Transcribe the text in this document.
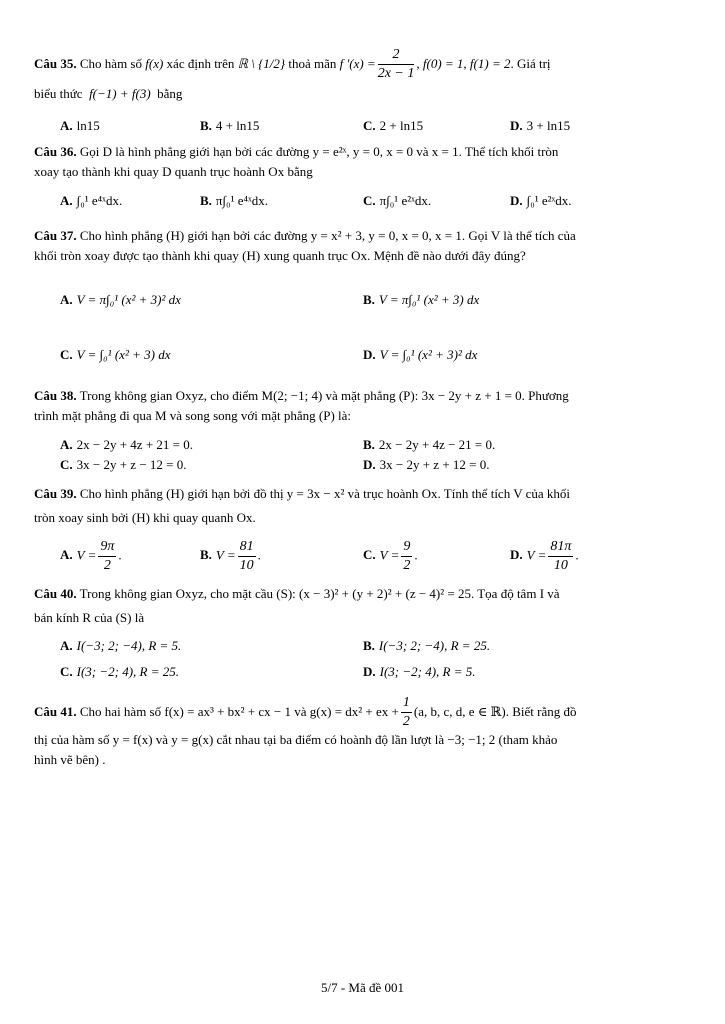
Câu 35.
Cho hàm số
f(x)
xác định trên
ℝ \ {1/2}
thoả mãn
f '$(x) = \frac{2}{2x - 1}$ , f(0) = 1, f(1) = 2 . Giá trị
biểu thức f(−1) + f(3) bằng
A. ln15	B. 4 + ln15	C. 2 + ln15	D. 3 + ln15
Câu 36. Gọi D là hình phẳng giới hạn bởi các đường y = e²ˣ, y = 0, x = 0 và x = 1. Thể tích khối tròn
xoay tạo thành khi quay D quanh trục hoành Ox bằng
A. ∫₀¹ e⁴ˣdx.	B. π∫₀¹ e⁴ˣdx.	C. π∫₀¹ e²ˣdx.	D. ∫₀¹ e²ˣdx.
Câu 37. Cho hình phẳng (H) giới hạn bởi các đường y = x² + 3, y = 0, x = 0, x = 1. Gọi V là thể tích của
khối tròn xoay được tạo thành khi quay (H) xung quanh trục Ox. Mệnh đề nào dưới đây đúng?
A. V = π∫₀¹ (x² + 3)² dx	B. V = π∫₀¹ (x² + 3) dx
C. V = ∫₀¹ (x² + 3) dx	D. V = ∫₀¹ (x² + 3)² dx
Câu 38. Trong không gian Oxyz, cho điểm M(2; −1; 4) và mặt phẳng (P): 3x − 2y + z + 1 = 0. Phương
trình mặt phẳng đi qua M và song song với mặt phẳng (P) là:
A. 2x − 2y + 4z + 21 = 0.	B. 2x − 2y + 4z − 21 = 0.
C. 3x − 2y + z − 12 = 0.	D. 3x − 2y + z + 12 = 0.
Câu 39. Cho hình phẳng (H) giới hạn bởi đồ thị y = 3x − x² và trục hoành Ox. Tính thể tích V của khối
tròn xoay sinh bởi (H) khi quay quanh Ox.
A. $V = \frac{9\pi}{2}$ .	B. $V = \frac{81}{10}$ .	C. $V = \frac{9}{2}$ .	D. $V = \frac{81\pi}{10}$ .
Câu 40. Trong không gian Oxyz, cho mặt cầu (S): (x − 3)² + (y + 2)² + (z − 4)² = 25. Tọa độ tâm I và
bán kính R của (S) là
A. I(−3; 2; −4), R = 5.	B. I(−3; 2; −4), R = 25.
C. I(3; −2; 4), R = 25.	D. I(3; −2; 4), R = 5.
Câu 41.
Cho hai hàm số f(x) = ax³ + bx² + cx − 1 và g(x) = dx² + ex + $\frac{1}{2} (a$, b, c, d, e ∈ ℝ). Biết rằng đồ
thị của hàm số y = f(x) và y = g(x) cắt nhau tại ba điểm có hoành độ lần lượt là −3; −1; 2 (tham khảo
hình vẽ bên) .
5/7 - Mã đề 001
